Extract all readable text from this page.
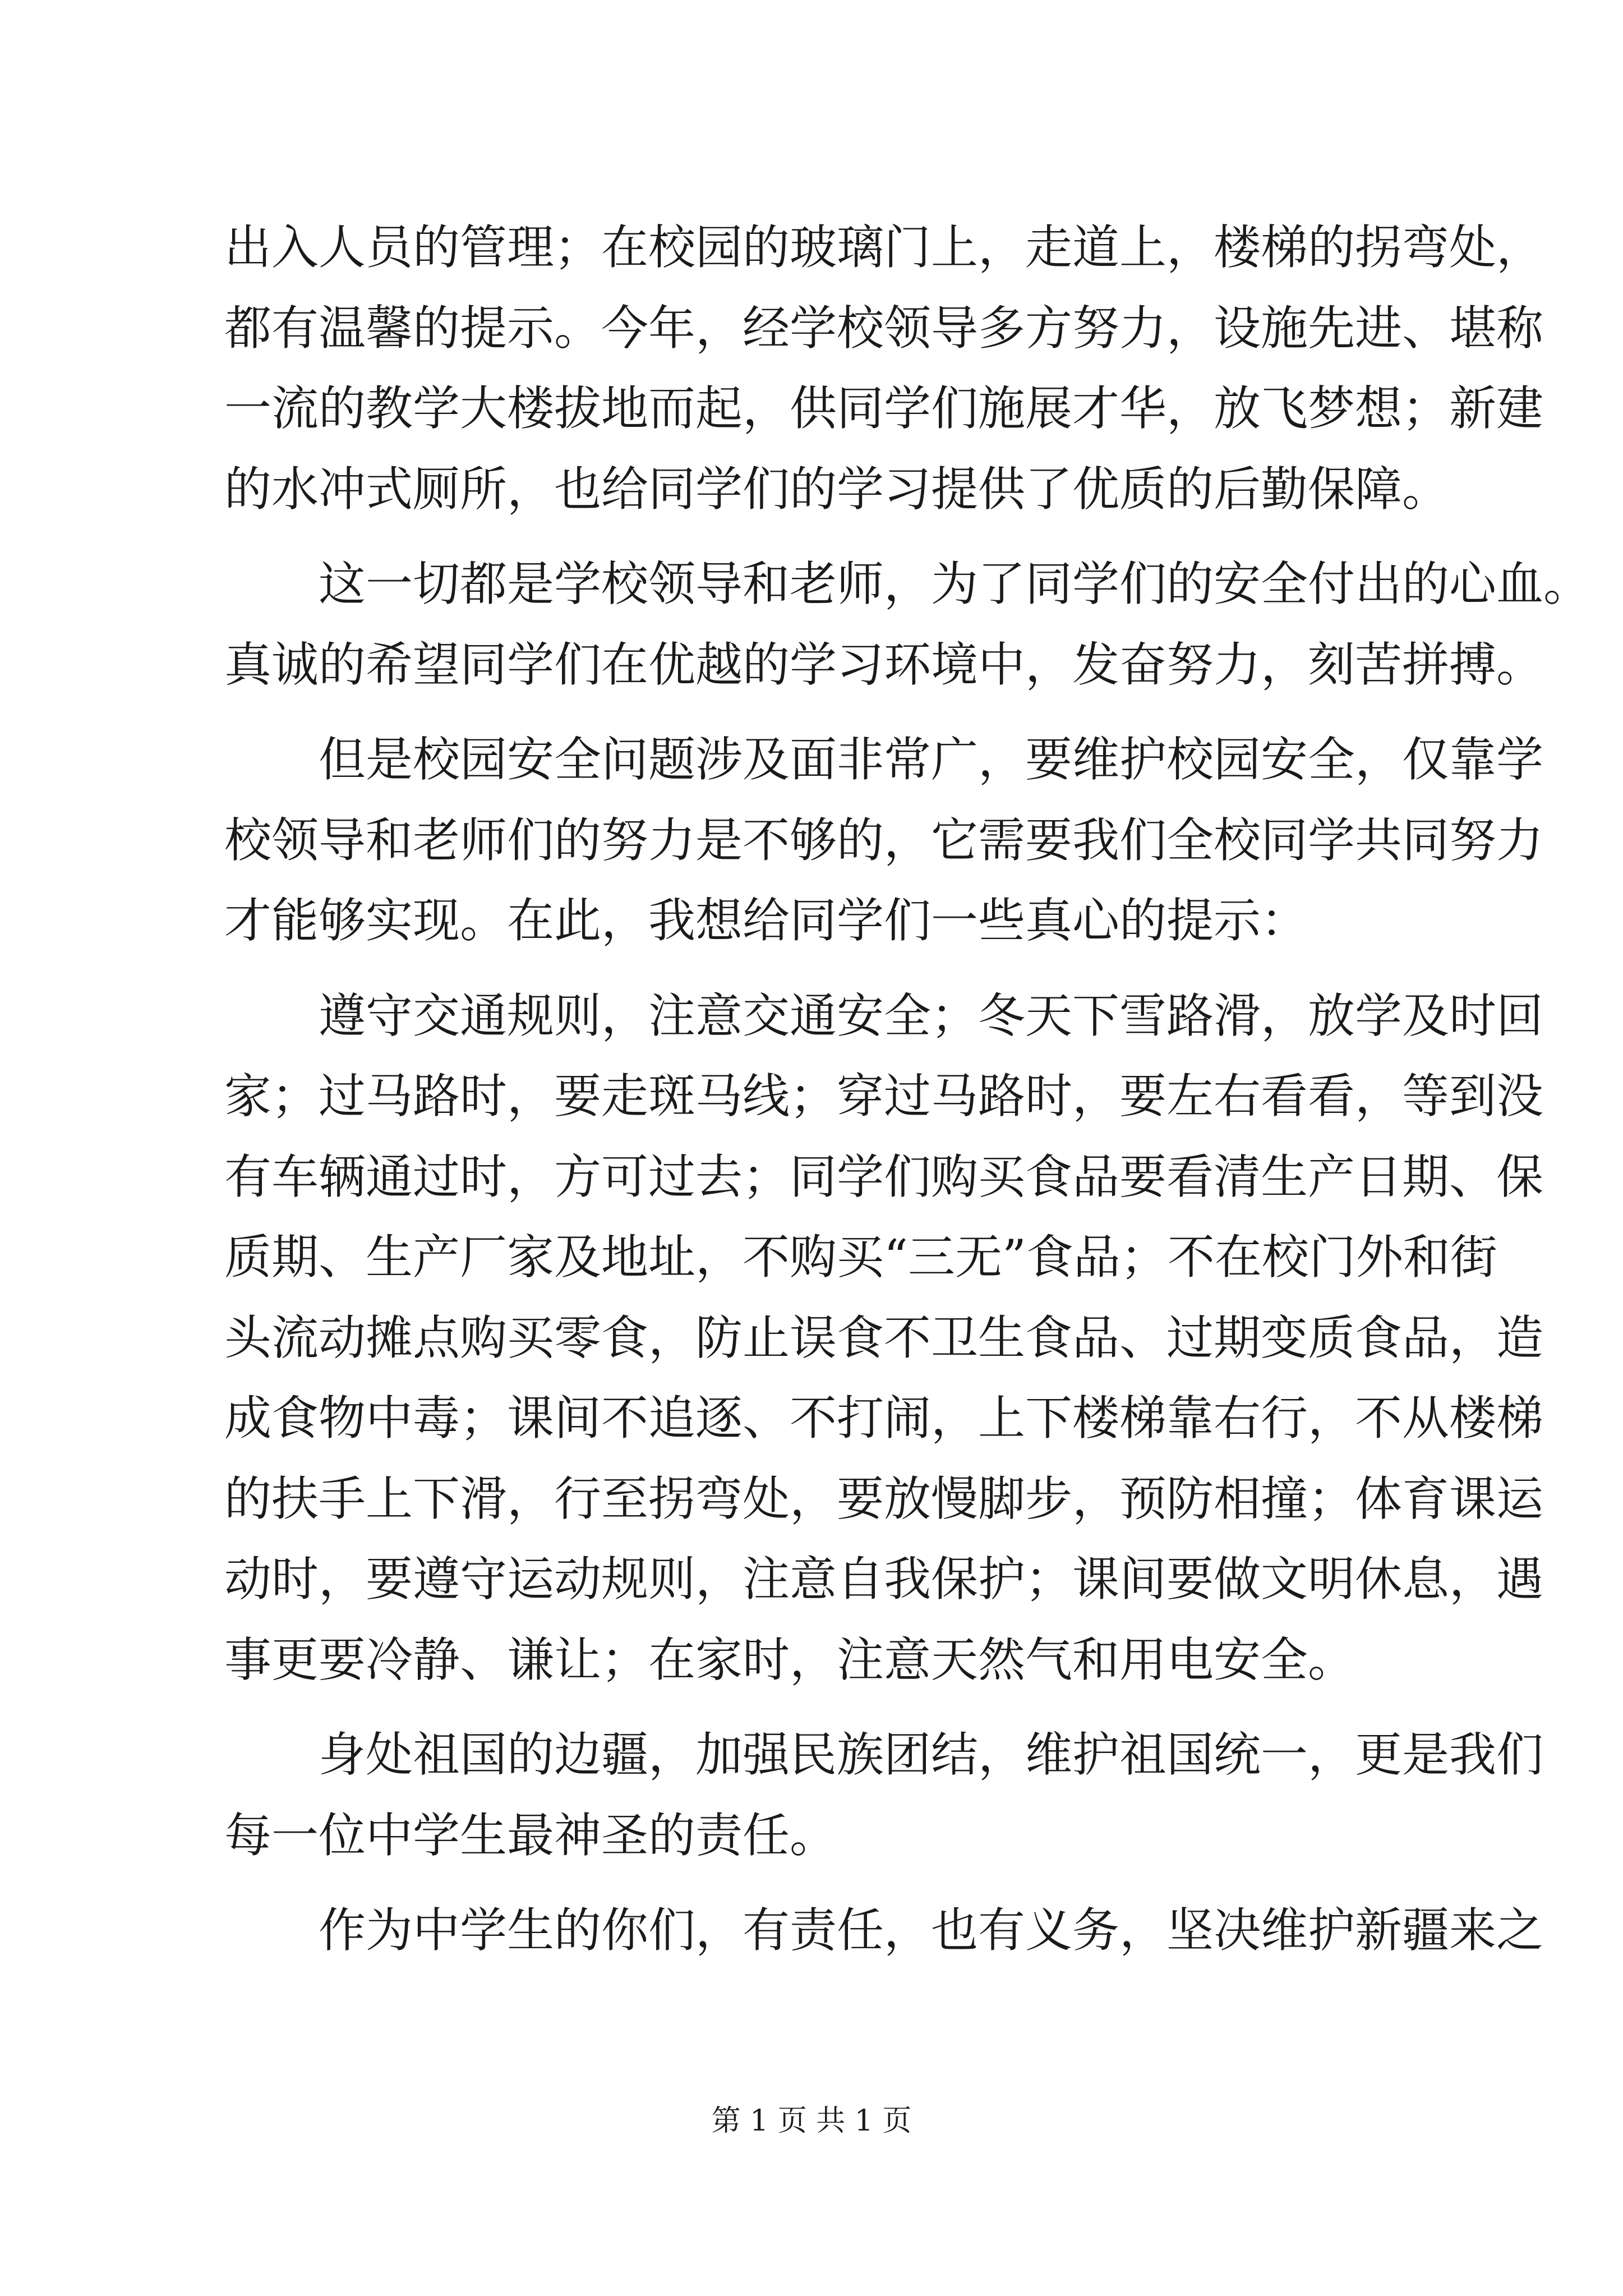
出入人员的管理；在校园的玻璃门上，走道上，楼梯的拐弯处，
都有温馨的提示。今年，经学校领导多方努力，设施先进、堪称
一流的教学大楼拔地而起，供同学们施展才华，放飞梦想；新建
的水冲式厕所，也给同学们的学习提供了优质的后勤保障。
　　这一切都是学校领导和老师，为了同学们的安全付出的心血。
真诚的希望同学们在优越的学习环境中，发奋努力，刻苦拼搏。
　　但是校园安全问题涉及面非常广，要维护校园安全，仅靠学
校领导和老师们的努力是不够的，它需要我们全校同学共同努力
才能够实现。在此，我想给同学们一些真心的提示：
　　遵守交通规则，注意交通安全；冬天下雪路滑，放学及时回
家；过马路时，要走斑马线；穿过马路时，要左右看看，等到没
有车辆通过时，方可过去；同学们购买食品要看清生产日期、保
质期、生产厂家及地址，不购买“三无”食品；不在校门外和街
头流动摊点购买零食，防止误食不卫生食品、过期变质食品，造
成食物中毒；课间不追逐、不打闹，上下楼梯靠右行，不从楼梯
的扶手上下滑，行至拐弯处，要放慢脚步，预防相撞；体育课运
动时，要遵守运动规则，注意自我保护；课间要做文明休息，遇
事更要冷静、谦让；在家时，注意天然气和用电安全。
　　身处祖国的边疆，加强民族团结，维护祖国统一，更是我们
每一位中学生最神圣的责任。
　　作为中学生的你们，有责任，也有义务，坚决维护新疆来之
第 1 页 共 1 页
